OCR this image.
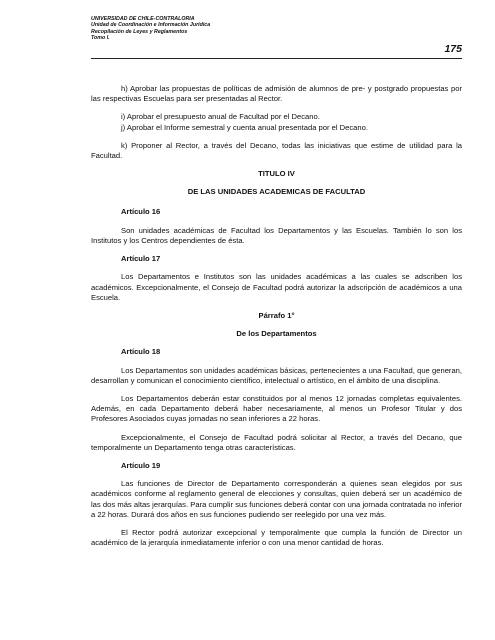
UNIVERSIDAD DE CHILE-CONTRALORIA
Unidad de Coordinación e Información Jurídica
Recopilación de Leyes y Reglamentos
Tomo I.
175

h) Aprobar las propuestas de políticas de admisión de alumnos de pre- y postgrado propuestas por las respectivas Escuelas para ser presentadas al Rector.

i) Aprobar el presupuesto anual de Facultad por el Decano.

j) Aprobar el Informe semestral y cuenta anual presentada por el Decano.

k) Proponer al Rector, a través del Decano, todas las iniciativas que estime de utilidad para la Facultad.

TITULO IV

DE LAS UNIDADES ACADEMICAS DE FACULTAD

Artículo 16

Son unidades académicas de Facultad los Departamentos y las Escuelas. También lo son los Institutos y los Centros dependientes de ésta.

Artículo 17

Los Departamentos e Institutos son las unidades académicas a las cuales se adscriben los académicos. Excepcionalmente, el Consejo de Facultad podrá autorizar la adscripción de académicos a una Escuela.

Párrafo 1°

De los Departamentos

Artículo 18

Los Departamentos son unidades académicas básicas, pertenecientes a una Facultad, que generan, desarrollan y comunican el conocimiento científico, intelectual o artístico, en el ámbito de una disciplina.

Los Departamentos deberán estar constituidos por al menos 12 jornadas completas equivalentes. Además, en cada Departamento deberá haber necesariamente, al menos un Profesor Titular y dos Profesores Asociados cuyas jornadas no sean inferiores a 22 horas.

Excepcionalmente, el Consejo de Facultad podrá solicitar al Rector, a través del Decano, que temporalmente un Departamento tenga otras características.

Artículo 19

Las funciones de Director de Departamento corresponderán a quienes sean elegidos por sus académicos conforme al reglamento general de elecciones y consultas, quien deberá ser un académico de las dos más altas jerarquías. Para cumplir sus funciones deberá contar con una jornada contratada no inferior a 22 horas. Durará dos años en sus funciones pudiendo ser reelegido por una vez más.

El Rector podrá autorizar excepcional y temporalmente que cumpla la función de Director un académico de la jerarquía inmediatamente inferior o con una menor cantidad de horas.
